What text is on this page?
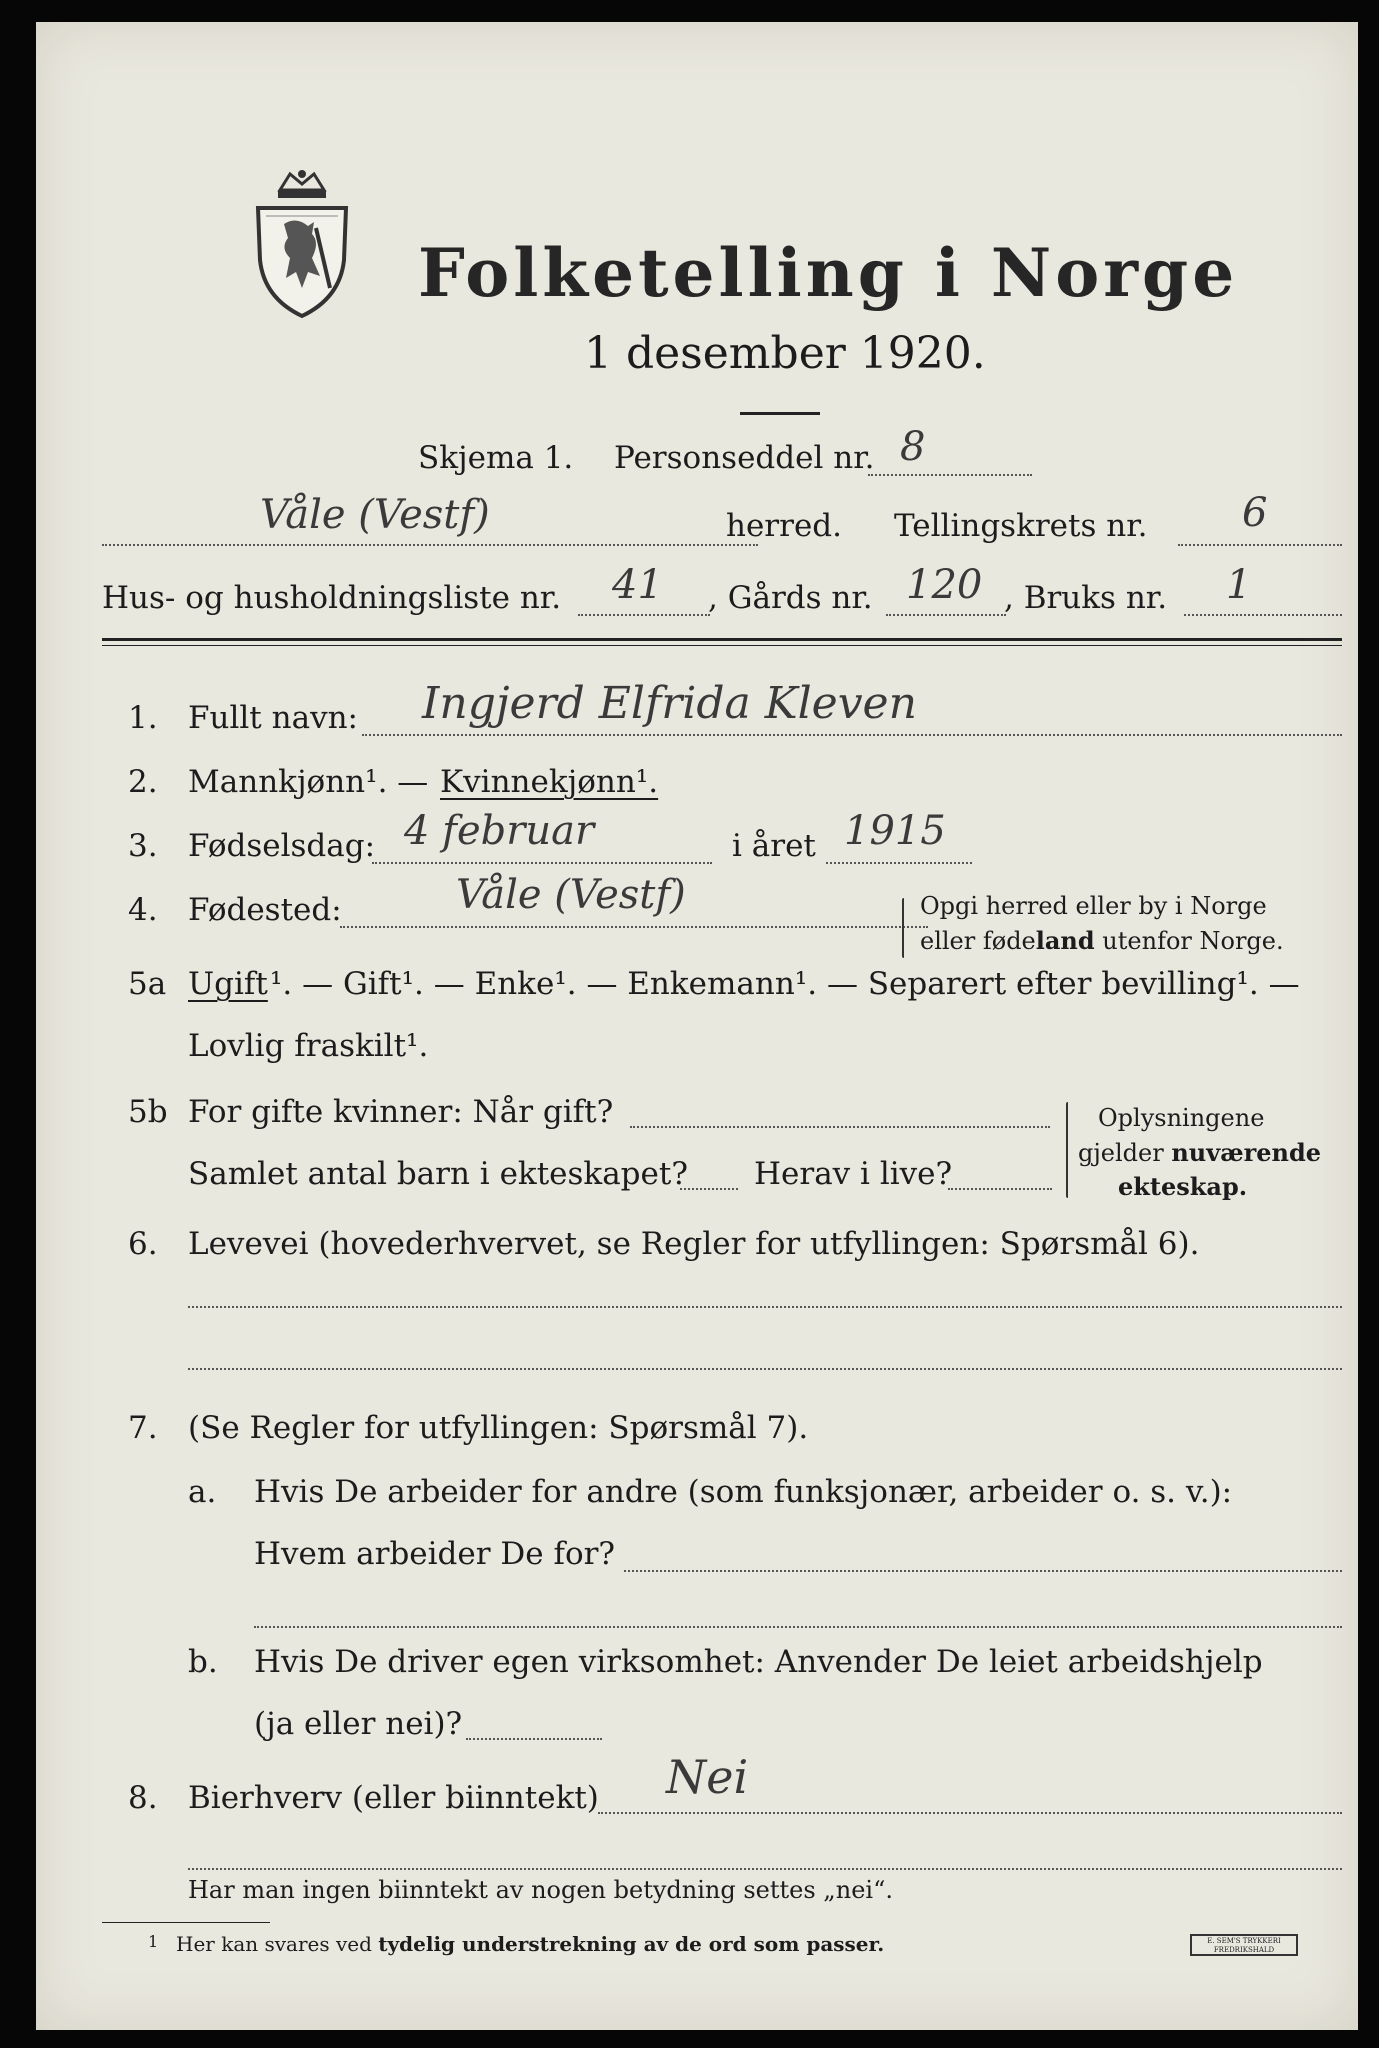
Folketelling i Norge
1 desember 1920.
Skjema 1. Personseddel nr. 8
Våle (Vestf)	herred. Tellingskrets nr. 6
Hus- og husholdningsliste nr. 41 , Gårds nr. 120 , Bruks nr. 1
1. Fullt navn: Ingjerd Elfrida Kleven
2. Mannkjønn¹. — Kvinnekjønn¹.
3. Fødselsdag: 4 februar	i året 1915
4. Fødested:	Våle (Vestf)	Opgi herred eller by i Norge
eller fødeland utenfor Norge.
5a Ugift ¹. — Gift¹. — Enke¹. — Enkemann¹. — Separert efter bevilling¹. —
Lovlig fraskilt¹.
5b For gifte kvinner: Når gift?
Samlet antal barn i ekteskapet? Herav i live?
Oplysningene
gjelder nuværende
ekteskap.
6. Levevei (hovederhvervet, se Regler for utfyllingen: Spørsmål 6).
7. (Se Regler for utfyllingen: Spørsmål 7).
a. Hvis De arbeider for andre (som funksjonær, arbeider o. s. v.):
Hvem arbeider De for?
b. Hvis De driver egen virksomhet: Anvender De leiet arbeidshjelp
(ja eller nei)?
8. Bierhverv (eller biinntekt) Nei
Har man ingen biinntekt av nogen betydning settes „nei“.
1 Her kan svares ved tydelig understrekning av de ord som passer.	E. SEM'S TRYKKERI FREDRIKSHALD
